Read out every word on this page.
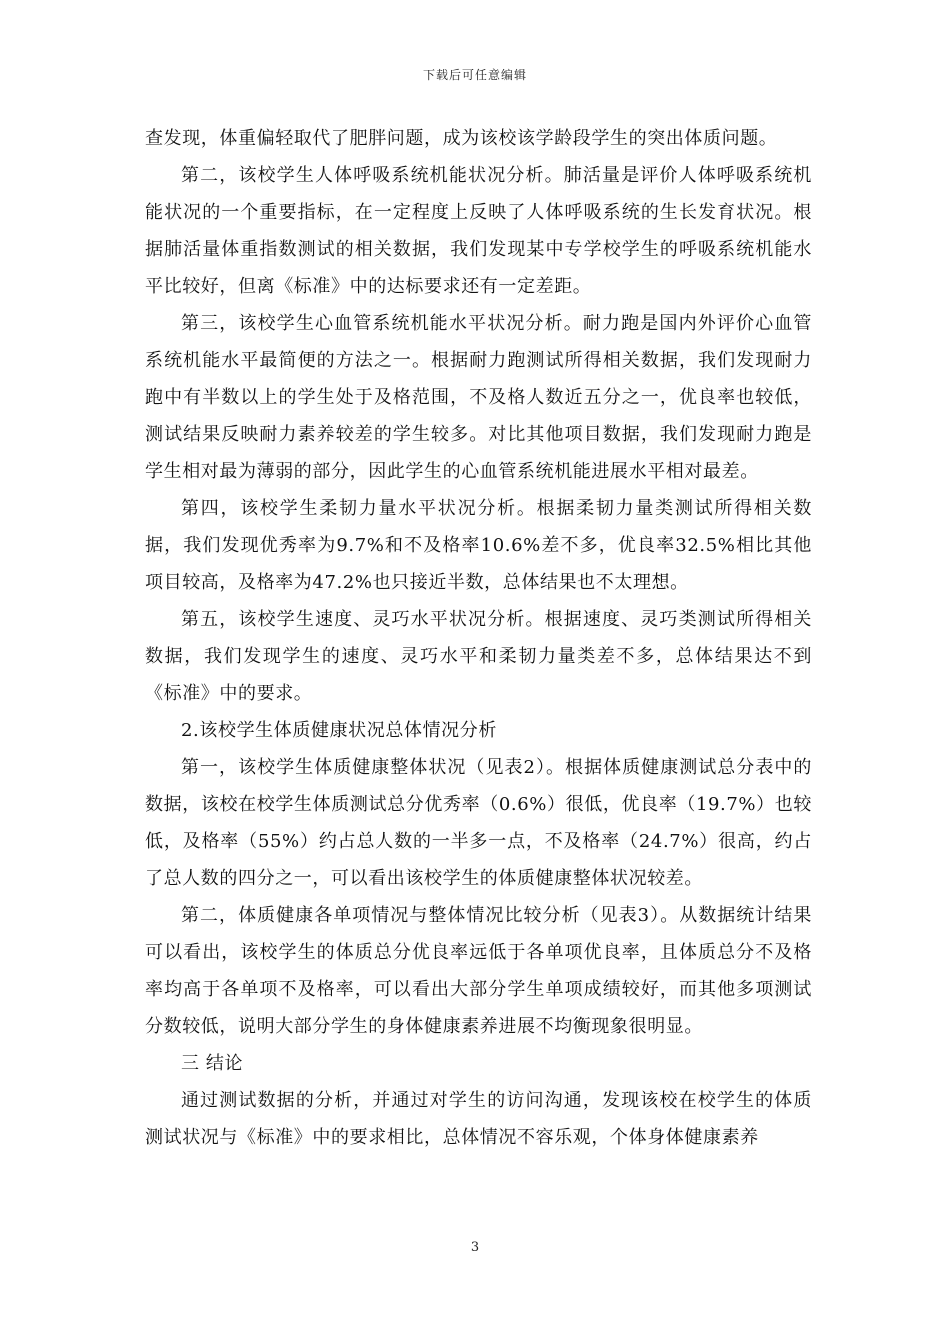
下载后可任意编辑

查发现，体重偏轻取代了肥胖问题，成为该校该学龄段学生的突出体质问题。

第二，该校学生人体呼吸系统机能状况分析。肺活量是评价人体呼吸系统机能状况的一个重要指标，在一定程度上反映了人体呼吸系统的生长发育状况。根据肺活量体重指数测试的相关数据，我们发现某中专学校学生的呼吸系统机能水平比较好，但离《标准》中的达标要求还有一定差距。

第三，该校学生心血管系统机能水平状况分析。耐力跑是国内外评价心血管系统机能水平最简便的方法之一。根据耐力跑测试所得相关数据，我们发现耐力跑中有半数以上的学生处于及格范围，不及格人数近五分之一，优良率也较低，测试结果反映耐力素养较差的学生较多。对比其他项目数据，我们发现耐力跑是学生相对最为薄弱的部分，因此学生的心血管系统机能进展水平相对最差。

第四，该校学生柔韧力量水平状况分析。根据柔韧力量类测试所得相关数据，我们发现优秀率为9.7%和不及格率10.6%差不多，优良率32.5%相比其他项目较高，及格率为47.2%也只接近半数，总体结果也不太理想。

第五，该校学生速度、灵巧水平状况分析。根据速度、灵巧类测试所得相关数据，我们发现学生的速度、灵巧水平和柔韧力量类差不多，总体结果达不到《标准》中的要求。

2.该校学生体质健康状况总体情况分析

第一，该校学生体质健康整体状况（见表2）。根据体质健康测试总分表中的数据，该校在校学生体质测试总分优秀率（0.6%）很低，优良率（19.7%）也较低，及格率（55%）约占总人数的一半多一点，不及格率（24.7%）很高，约占了总人数的四分之一，可以看出该校学生的体质健康整体状况较差。

第二，体质健康各单项情况与整体情况比较分析（见表3）。从数据统计结果可以看出，该校学生的体质总分优良率远低于各单项优良率，且体质总分不及格率均高于各单项不及格率，可以看出大部分学生单项成绩较好，而其他多项测试分数较低，说明大部分学生的身体健康素养进展不均衡现象很明显。

三 结论

通过测试数据的分析，并通过对学生的访问沟通，发现该校在校学生的体质测试状况与《标准》中的要求相比，总体情况不容乐观，个体身体健康素养

3
